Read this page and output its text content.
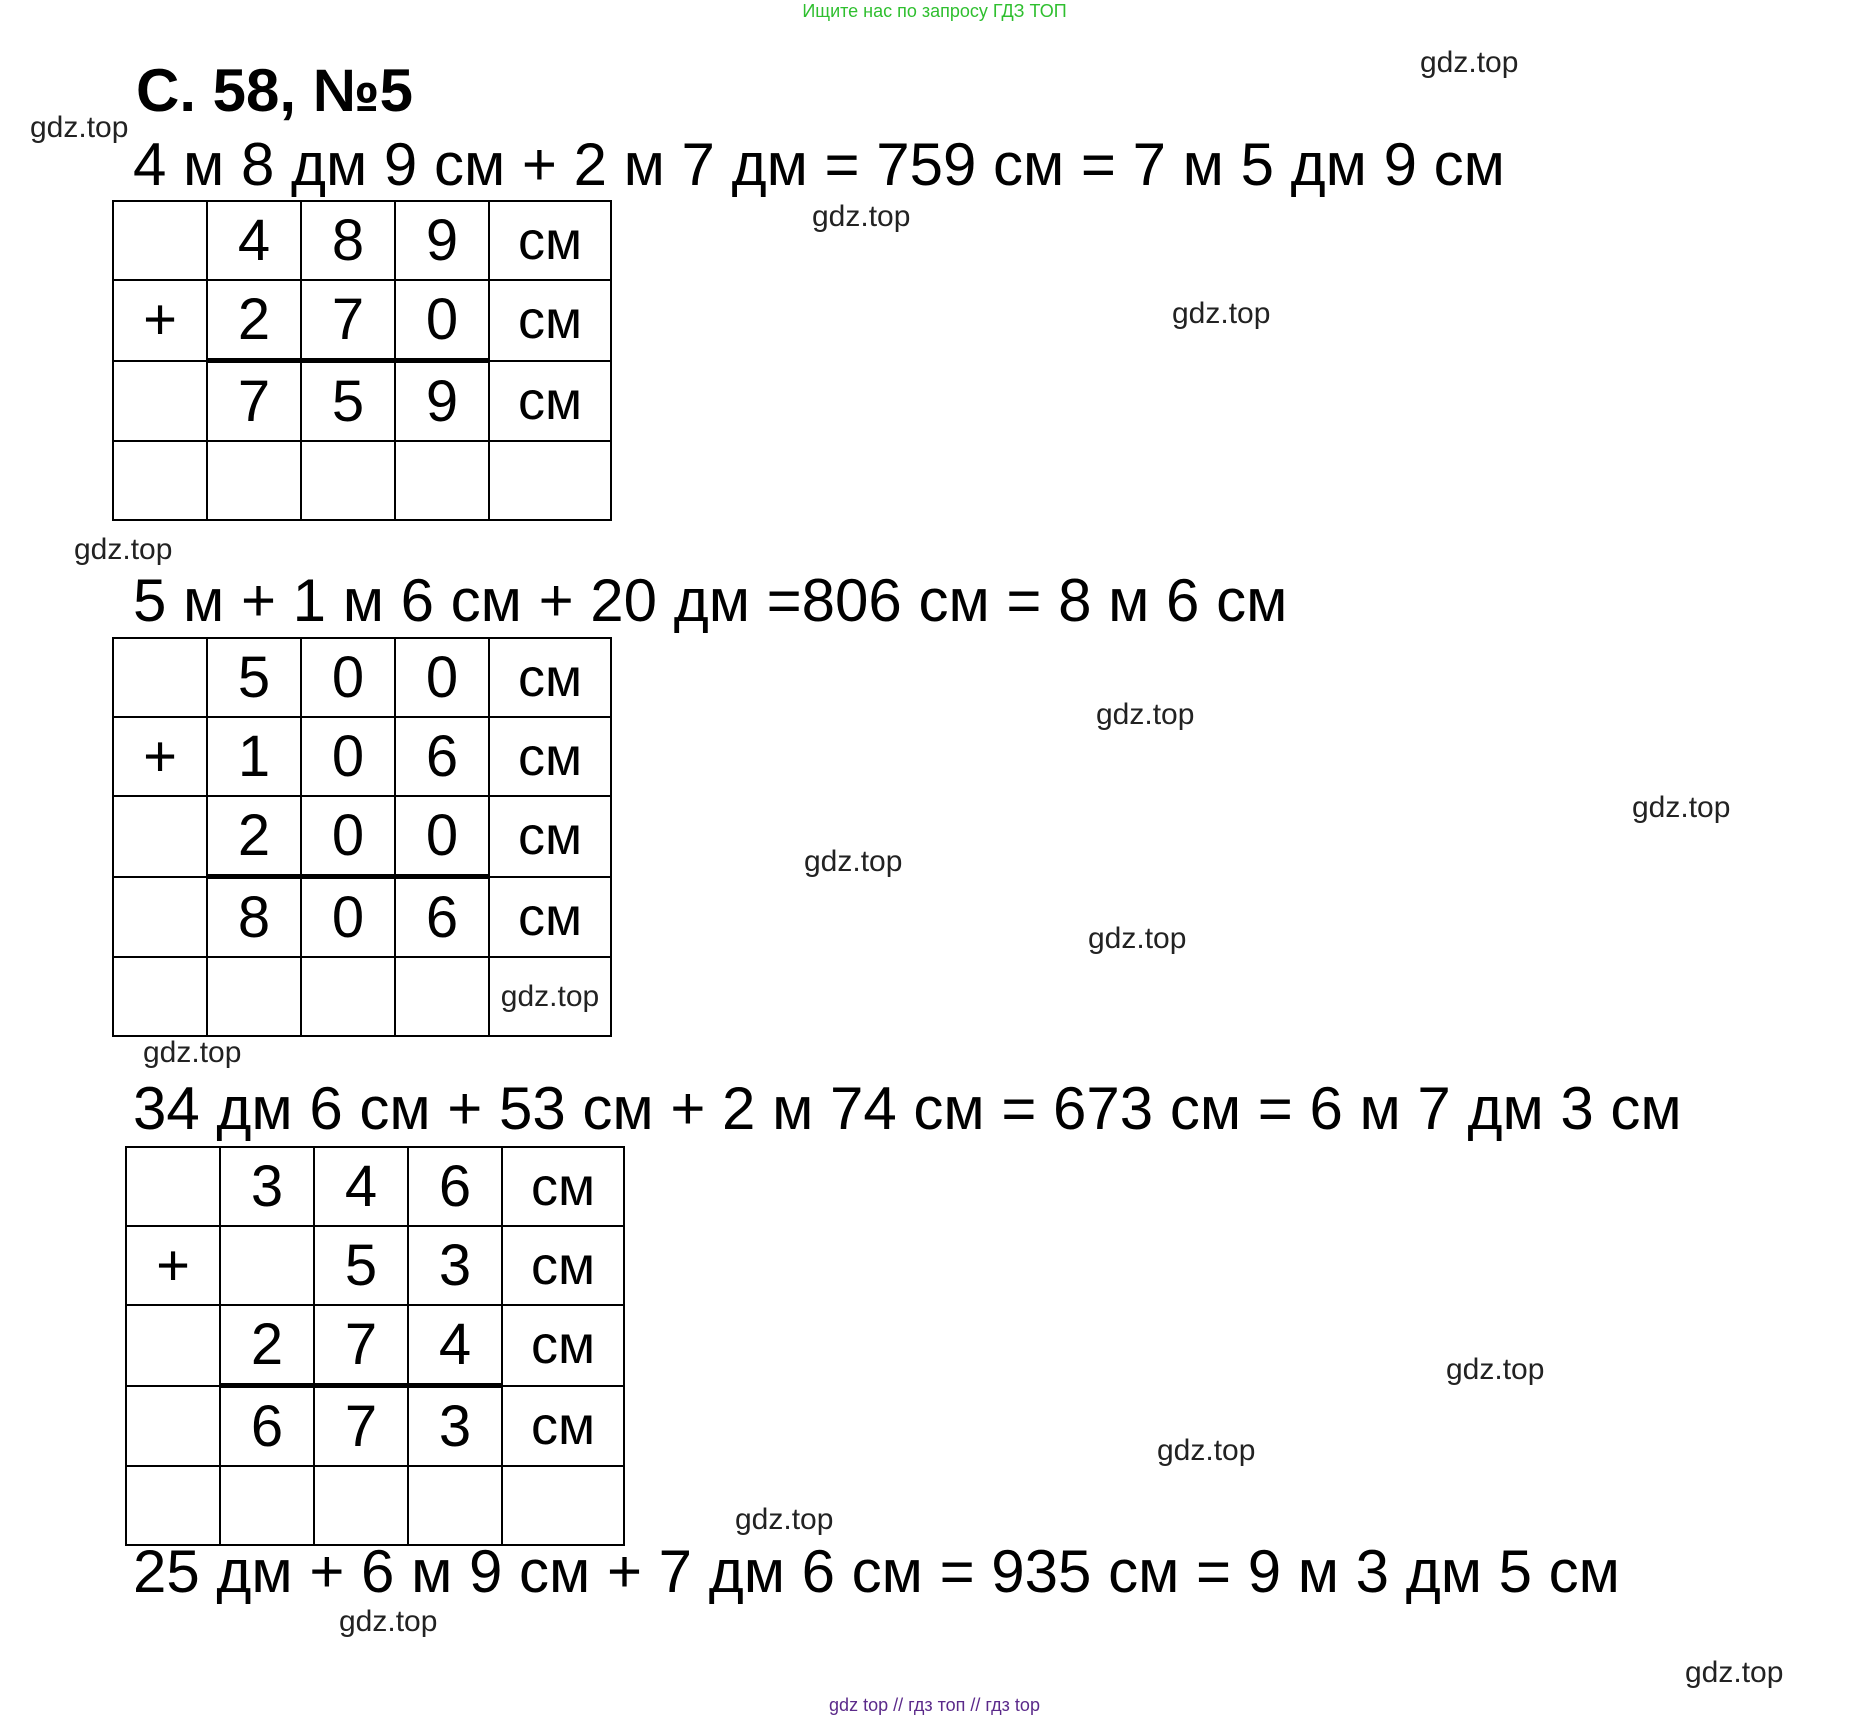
Ищите нас по запросу ГДЗ ТОП
С. 58, №5	gdz.top
gdz.top
gdz.top
gdz.top
gdz.top
gdz.top
gdz.top
gdz.top
gdz.top
gdz.top
gdz.top
gdz.top
gdz.top
gdz.top
gdz.top
4 м 8 дм 9 см + 2 м 7 дм = 759 см = 7 м 5 дм 9 см
	4	8	9	см
+	2	7	0	см
	7	5	9	см

5 м + 1 м 6 см + 20 дм =806 см = 8 м 6 см
	5	0	0	см
+	1	0	6	см
	2	0	0	см
	8	0	6	см
				gdz.top
34 дм 6 см + 53 см + 2 м 74 см = 673 см = 6 м 7 дм 3 см
	3	4	6	см
+		5	3	см
	2	7	4	см
	6	7	3	см

25 дм + 6 м 9 см + 7 дм 6 см = 935 см = 9 м 3 дм 5 см
gdz top // гдз топ // гдз top
